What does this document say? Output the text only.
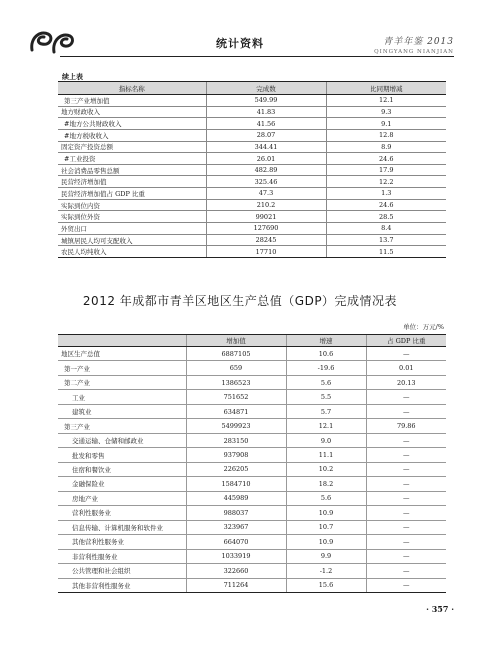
统计资料	青羊年鉴 2013
QINGYANG NIANJIAN
续上表
指标名称	完成数	比同期增减
第三产业增加值	549.99	12.1
地方财政收入	41.83	9.3
#地方公共财政收入	41.56	9.1
#地方税收收入	28.07	12.8
固定资产投资总额	344.41	8.9
#工业投资	26.01	24.6
社会消费品零售总额	482.89	17.9
民营经济增加值	325.46	12.2
民营经济增加值占 GDP 比重	47.3	1.3
实际到位内资	210.2	24.6
实际到位外资	99021	28.5
外贸出口	127690	8.4
城镇居民人均可支配收入	28245	13.7
农民人均纯收入	17710	11.5
2012 年成都市青羊区地区生产总值（GDP）完成情况表
单位：万元/%
	增加值	增速	占 GDP 比重
地区生产总值	6887105	10.6	—
第一产业	659	-19.6	0.01
第二产业	1386523	5.6	20.13
工业	751652	5.5	—
建筑业	634871	5.7	—
第三产业	5499923	12.1	79.86
交通运输、仓储和邮政业	283150	9.0	—
批发和零售	937908	11.1	—
住宿和餐饮业	226205	10.2	—
金融保险业	1584710	18.2	—
房地产业	445989	5.6	—
营利性服务业	988037	10.9	—
信息传输、计算机服务和软件业	323967	10.7	—
其他营利性服务业	664070	10.9	—
非营利性服务业	1033919	9.9	—
公共管理和社会组织	322660	-1.2	—
其他非营利性服务业	711264	15.6	—
· 357 ·
